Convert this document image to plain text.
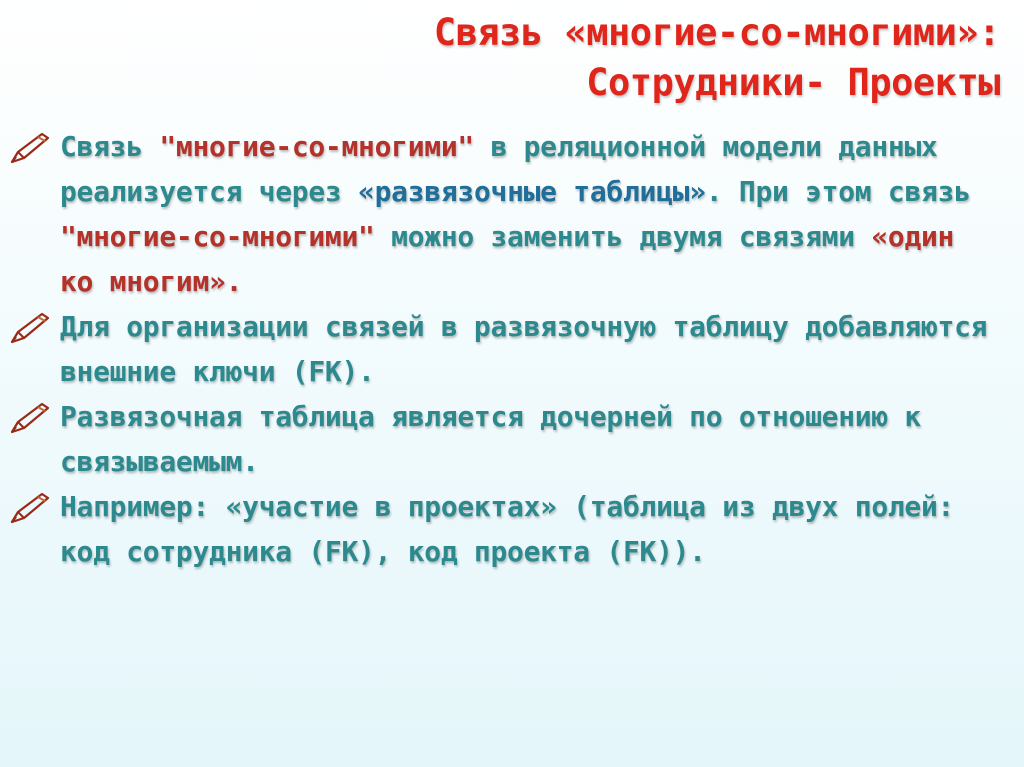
Связь «многие-со-многими»:
Сотрудники- Проекты
Связь "многие-со-многими" в реляционной модели данных реализуется через «развязочные таблицы». При этом связь "многие-со-многими" можно заменить двумя связями «один ко многим».
Для организации связей в развязочную таблицу добавляются внешние ключи (FK).
Развязочная таблица является дочерней по отношению к связываемым.
Например: «участие в проектах» (таблица из двух полей: код сотрудника (FK), код проекта (FK)).
